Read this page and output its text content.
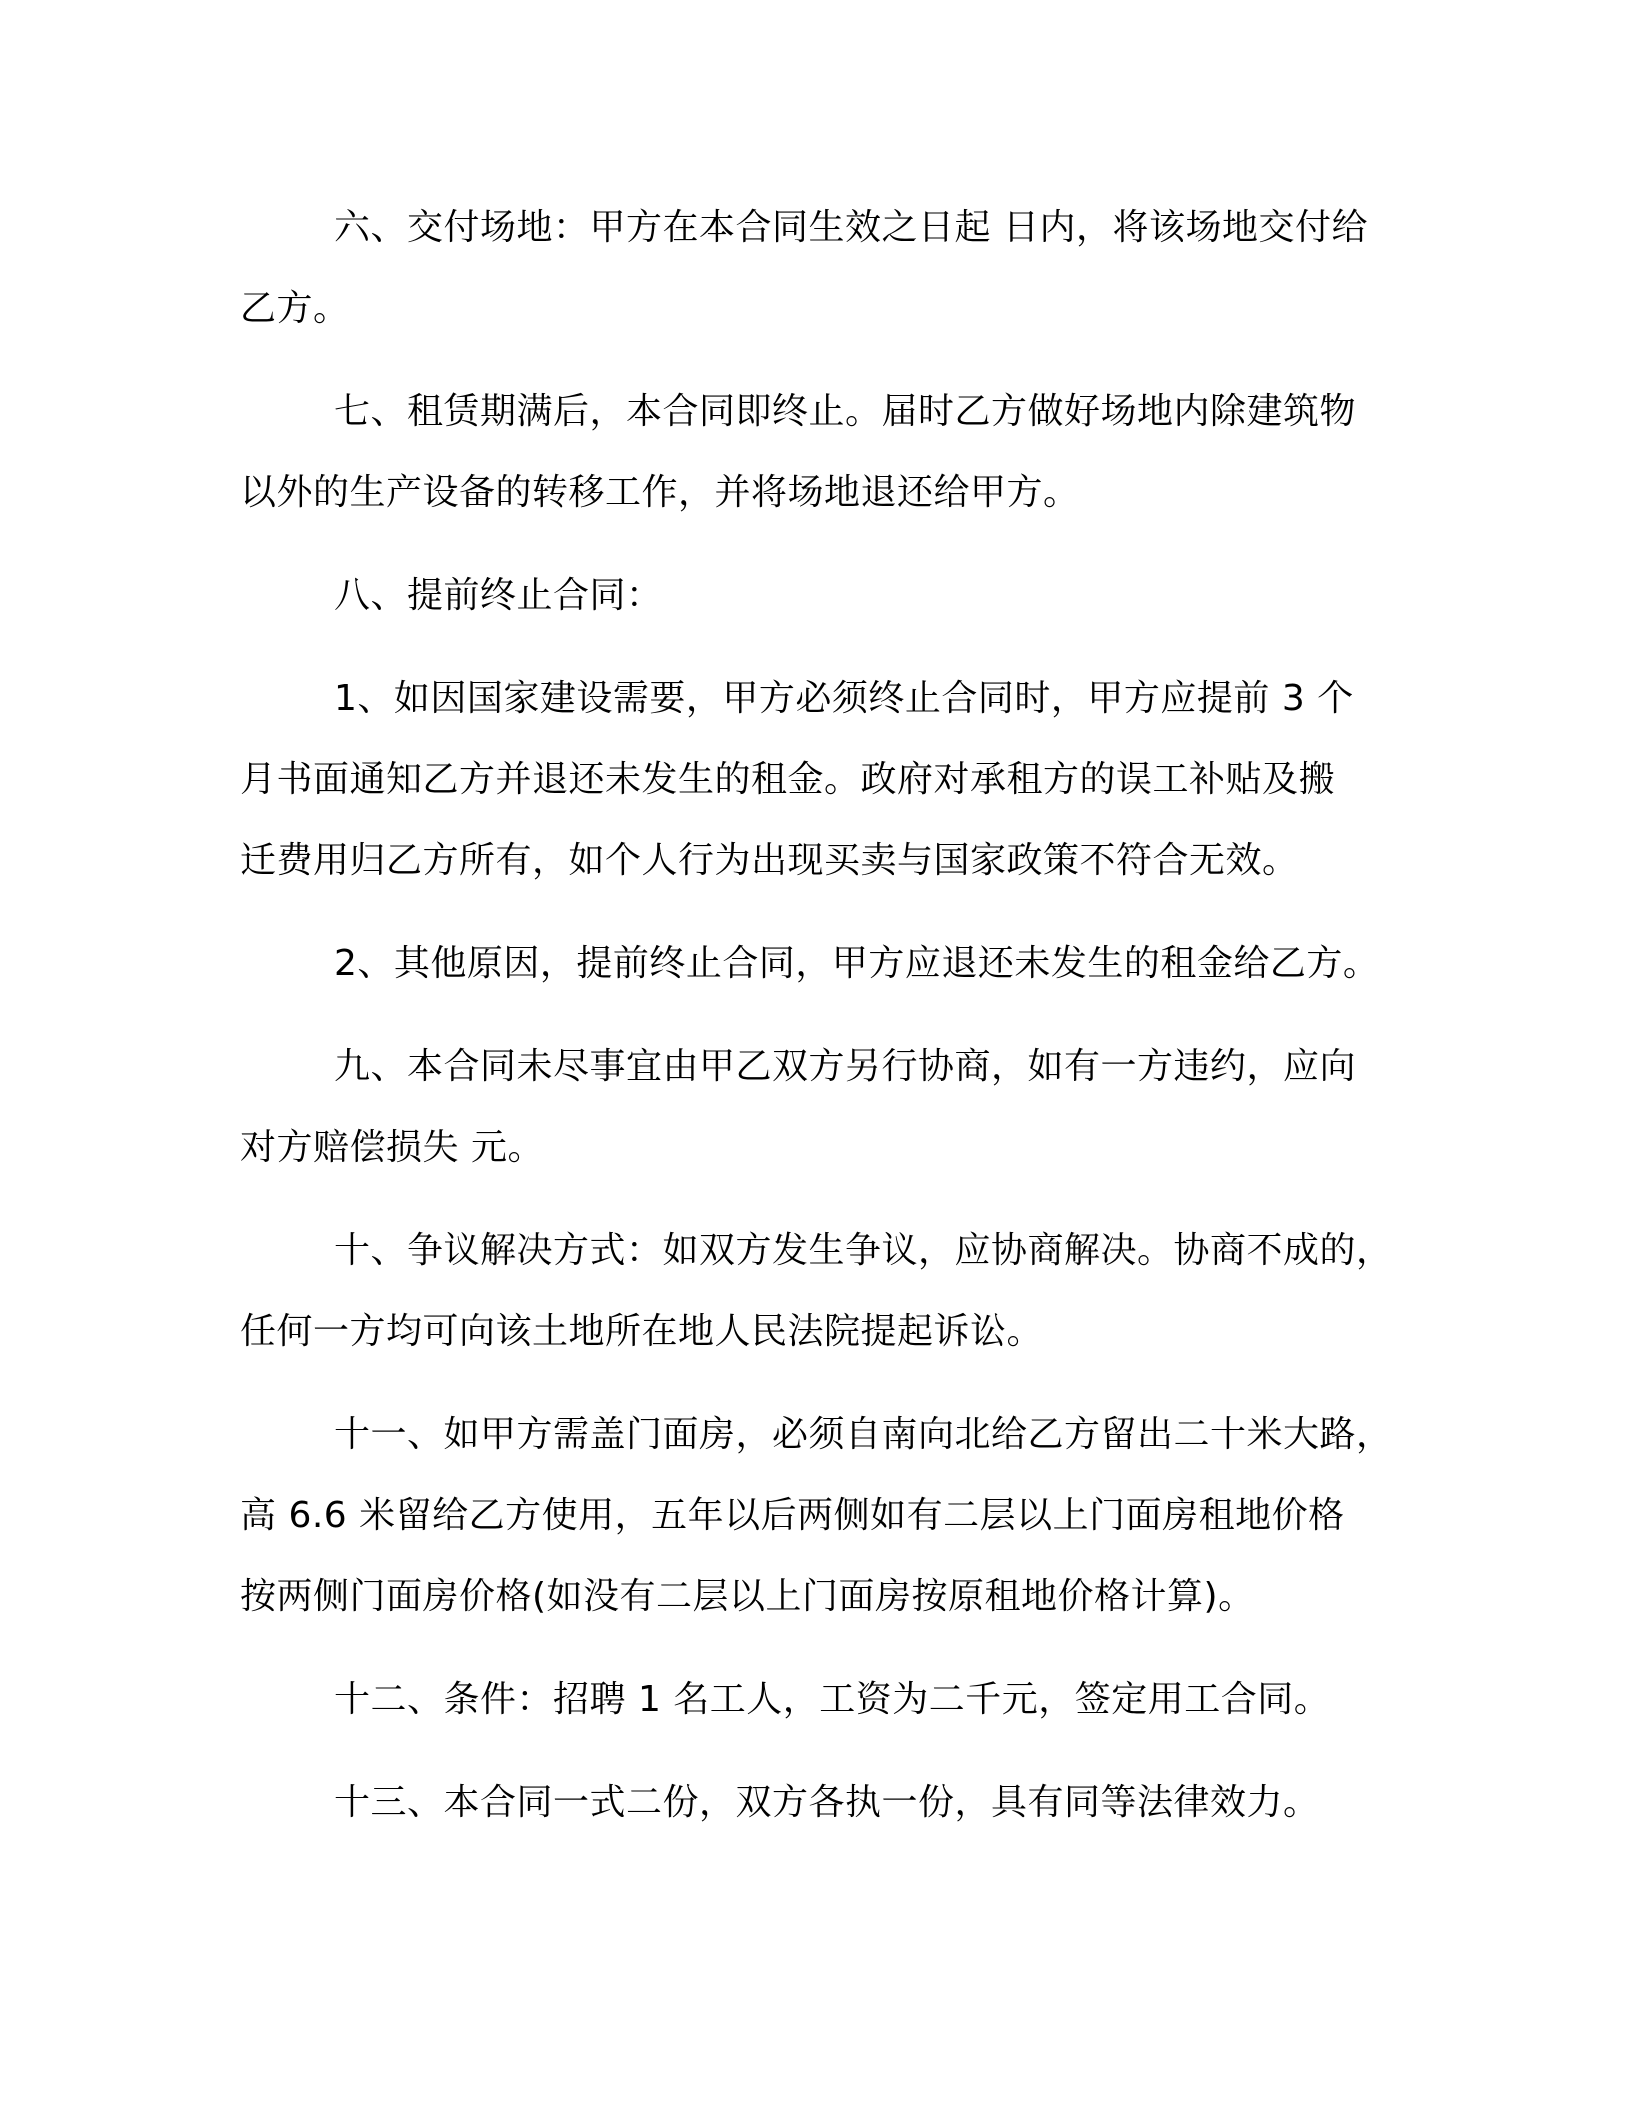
六、交付场地：甲方在本合同生效之日起 日内，将该场地交付给
乙方。

七、租赁期满后，本合同即终止。届时乙方做好场地内除建筑物
以外的生产设备的转移工作，并将场地退还给甲方。

八、提前终止合同：

1、如因国家建设需要，甲方必须终止合同时，甲方应提前 3 个
月书面通知乙方并退还未发生的租金。政府对承租方的误工补贴及搬
迁费用归乙方所有，如个人行为出现买卖与国家政策不符合无效。

2、其他原因，提前终止合同，甲方应退还未发生的租金给乙方。

九、本合同未尽事宜由甲乙双方另行协商，如有一方违约，应向
对方赔偿损失 元。

十、争议解决方式：如双方发生争议，应协商解决。协商不成的，
任何一方均可向该土地所在地人民法院提起诉讼。

十一、如甲方需盖门面房，必须自南向北给乙方留出二十米大路，
高 6.6 米留给乙方使用，五年以后两侧如有二层以上门面房租地价格
按两侧门面房价格(如没有二层以上门面房按原租地价格计算)。

十二、条件：招聘 1 名工人，工资为二千元，签定用工合同。

十三、本合同一式二份，双方各执一份，具有同等法律效力。
